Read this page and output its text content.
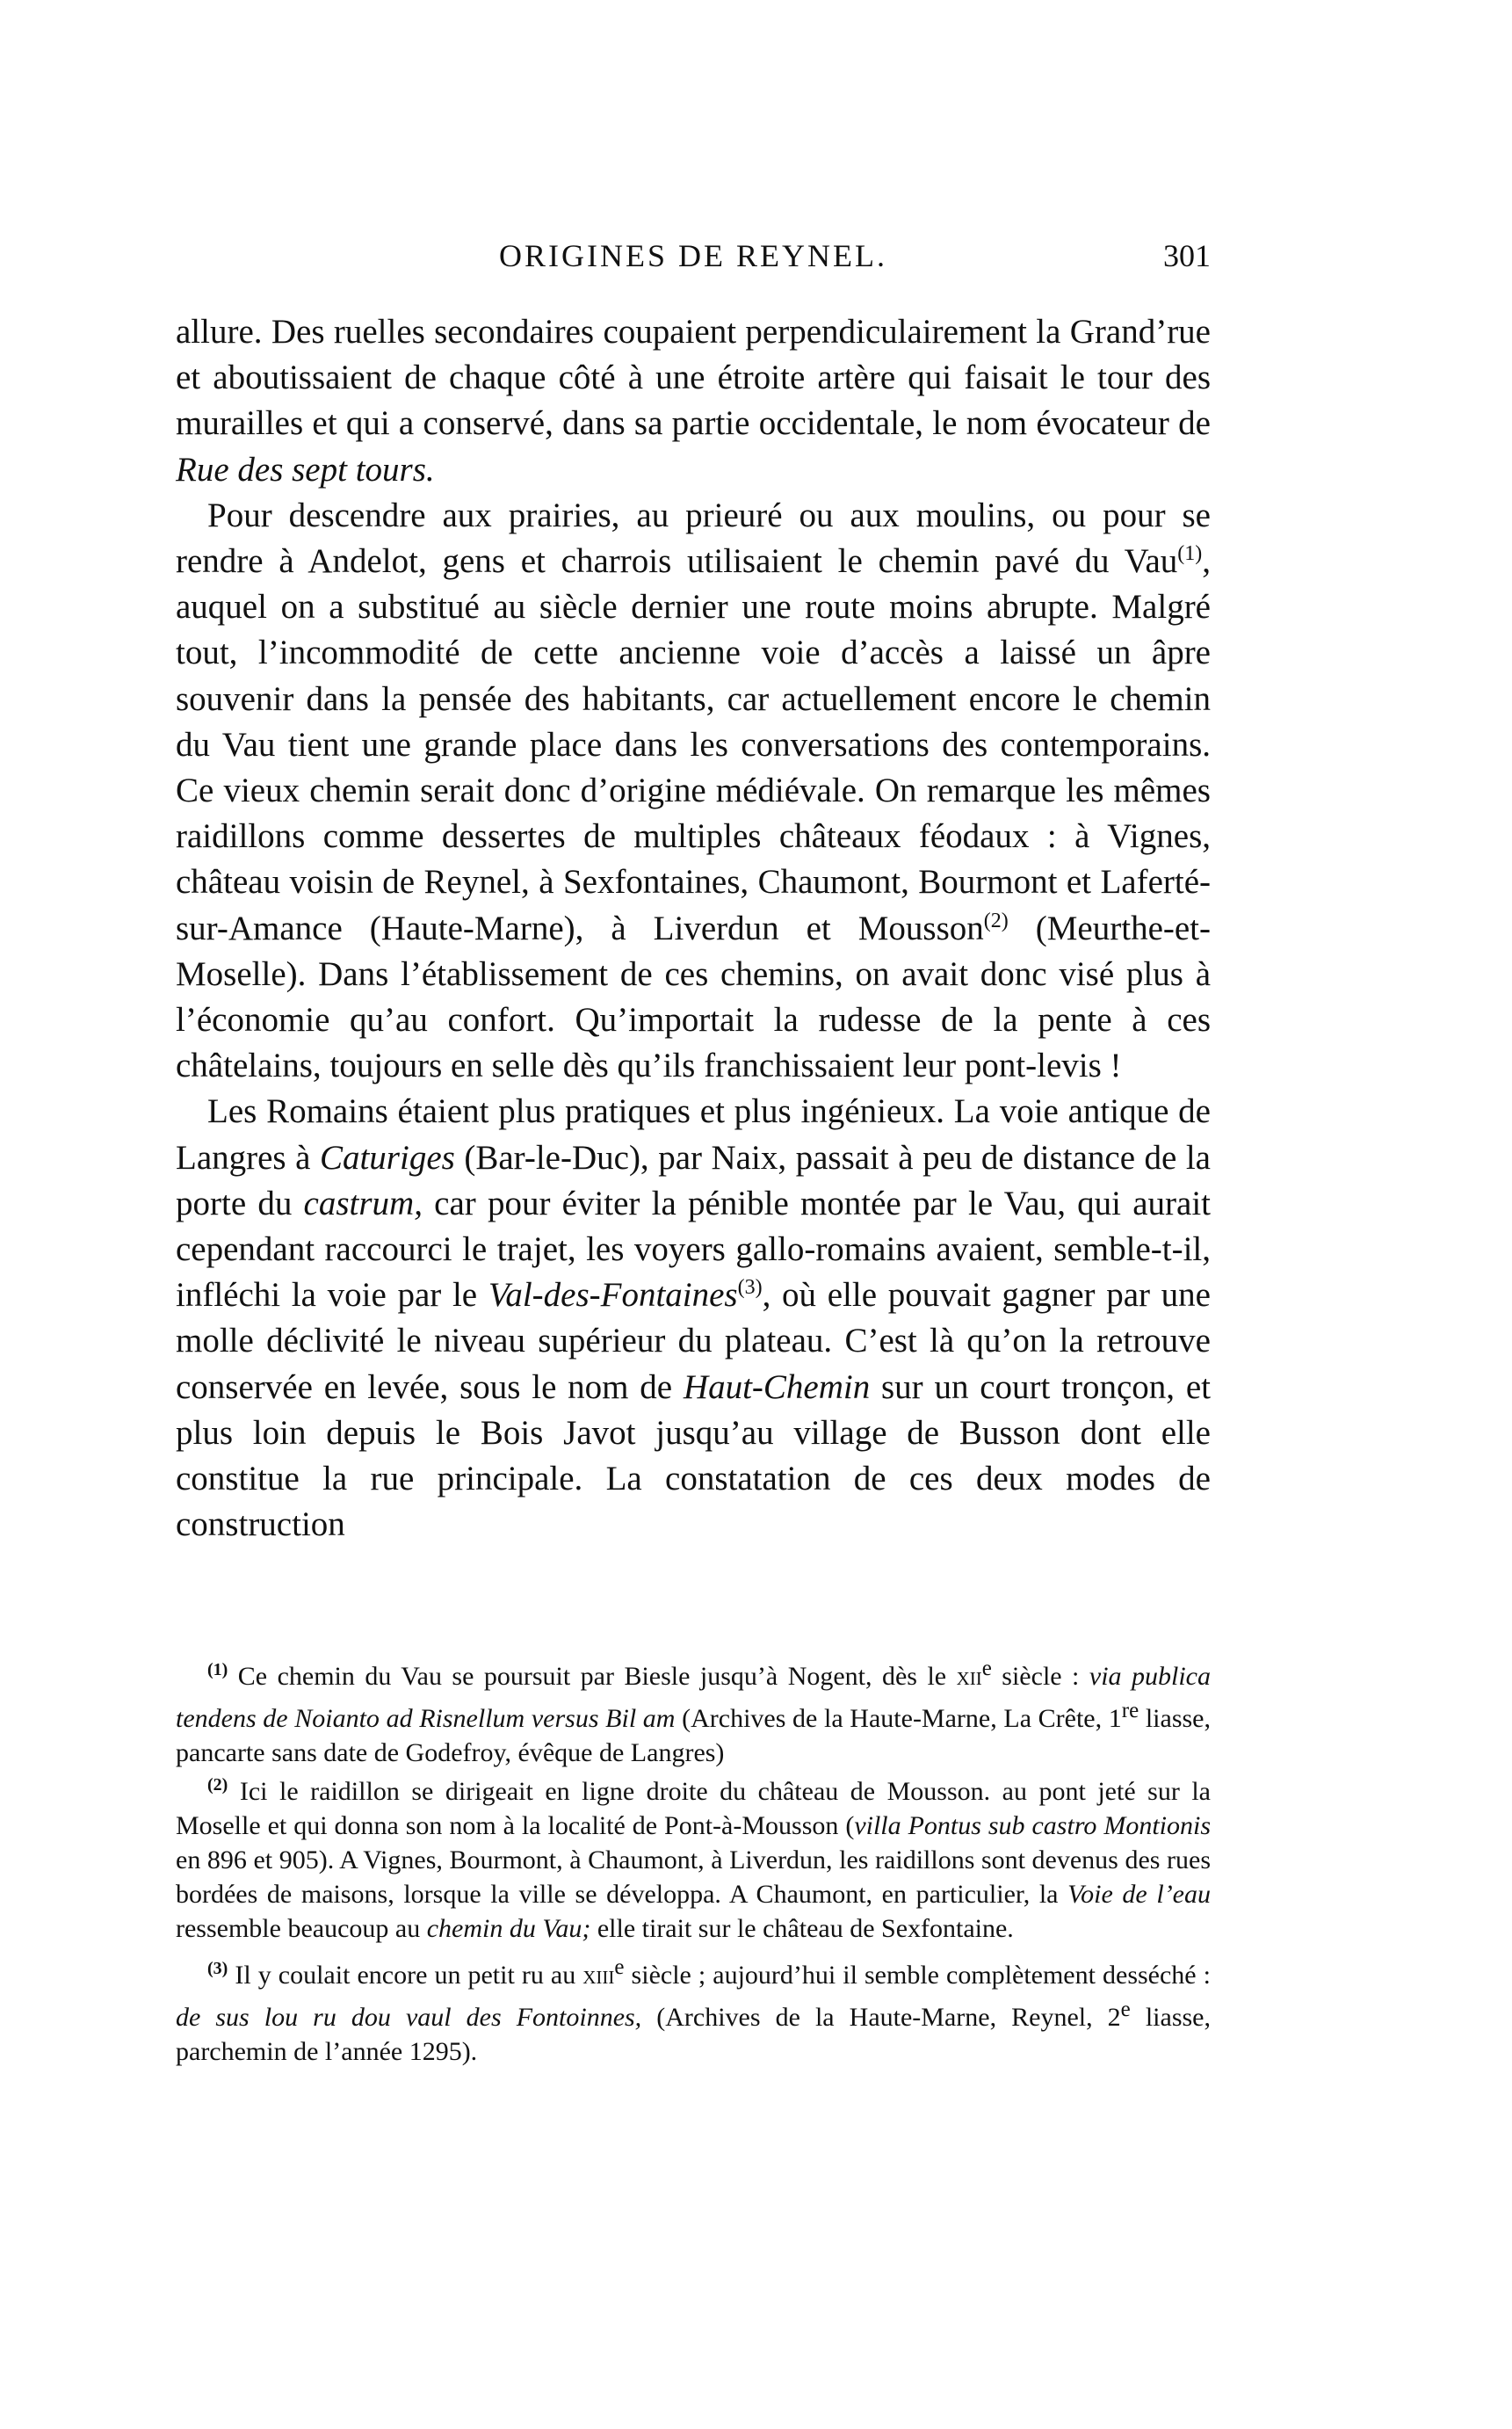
ORIGINES DE REYNEL.	301

allure. Des ruelles secondaires coupaient perpendiculairement la Grand’rue et aboutissaient de chaque côté à une étroite artère qui faisait le tour des murailles et qui a conservé, dans sa partie occidentale, le nom évocateur de Rue des sept tours.

Pour descendre aux prairies, au prieuré ou aux moulins, ou pour se rendre à Andelot, gens et charrois utilisaient le chemin pavé du Vau$^{(1)}$, auquel on a substitué au siècle dernier une route moins abrupte. Malgré tout, l’incommodité de cette ancienne voie d’accès a laissé un âpre souvenir dans la pensée des habitants, car actuellement encore le chemin du Vau tient une grande place dans les conversations des contemporains. Ce vieux chemin serait donc d’origine médiévale. On remarque les mêmes raidillons comme dessertes de multiples châteaux féodaux : à Vignes, château voisin de Reynel, à Sexfontaines, Chaumont, Bourmont et Laferté-sur-Amance (Haute-Marne), à Liverdun et Mousson$^{(2)}$ (Meurthe-et-Moselle). Dans l’établissement de ces chemins, on avait donc visé plus à l’économie qu’au confort. Qu’importait la rudesse de la pente à ces châtelains, toujours en selle dès qu’ils franchissaient leur pont-levis !

Les Romains étaient plus pratiques et plus ingénieux. La voie antique de Langres à Caturiges (Bar-le-Duc), par Naix, passait à peu de distance de la porte du castrum, car pour éviter la pénible montée par le Vau, qui aurait cependant raccourci le trajet, les voyers gallo-romains avaient, semble-t-il, infléchi la voie par le Val-des-Fontaines$^{(3)}$, où elle pouvait gagner par une molle déclivité le niveau supérieur du plateau. C’est là qu’on la retrouve conservée en levée, sous le nom de Haut-Chemin sur un court tronçon, et plus loin depuis le Bois Javot jusqu’au village de Busson dont elle constitue la rue principale. La constatation de ces deux modes de construction

$^{(1)}$ Ce chemin du Vau se poursuit par Biesle jusqu’à Nogent, dès le xii$^e$ siècle : via publica tendens de Noianto ad Risnellum versus Bil am (Archives de la Haute-Marne, La Crête, 1re liasse, pancarte sans date de Godefroy, évêque de Langres)

$^{(2)}$ Ici le raidillon se dirigeait en ligne droite du château de Mousson. au pont jeté sur la Moselle et qui donna son nom à la localité de Pont-à-Mousson (villa Pontus sub castro Montionis en 896 et 905). A Vignes, Bourmont, à Chaumont, à Liverdun, les raidillons sont devenus des rues bordées de maisons, lorsque la ville se développa. A Chaumont, en particulier, la Voie de l’eau ressemble beaucoup au chemin du Vau; elle tirait sur le château de Sexfontaine.

$^{(3)}$ Il y coulait encore un petit ru au xiii$^e$ siècle ; aujourd’hui il semble complètement desséché : de sus lou ru dou vaul des Fontoinnes, (Archives de la Haute-Marne, Reynel, 2e liasse, parchemin de l’année 1295).
